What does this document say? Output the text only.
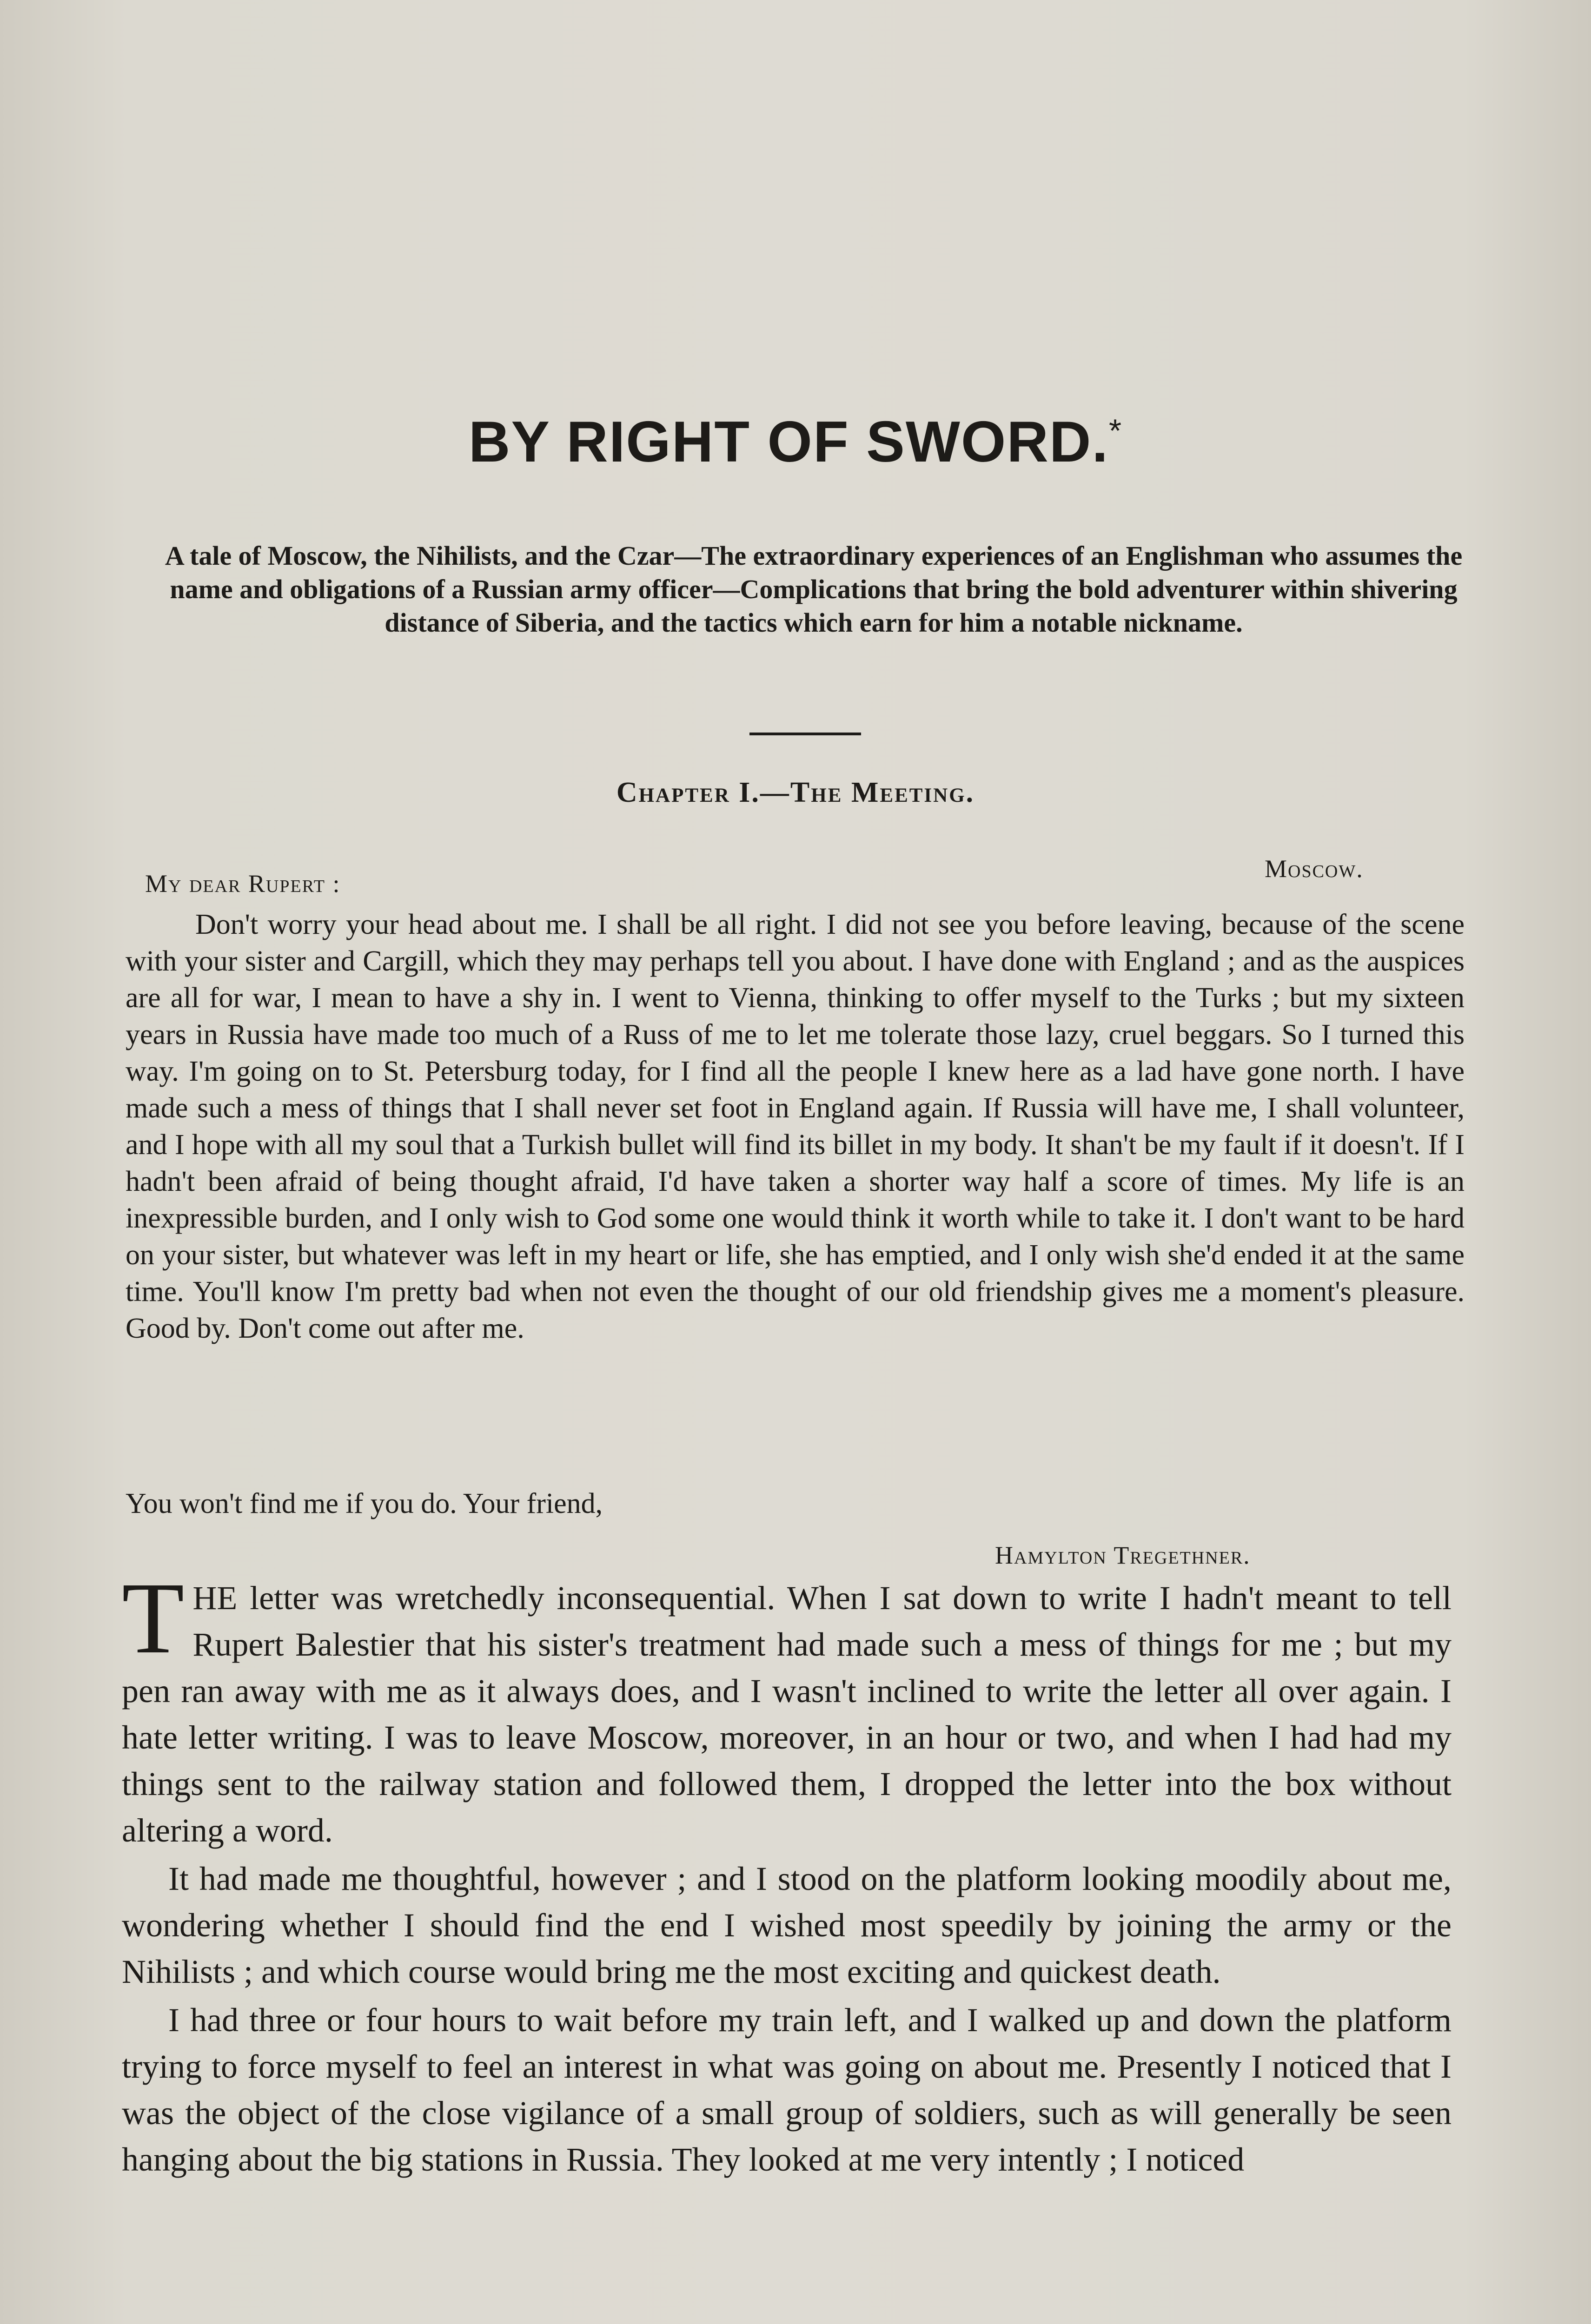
BY RIGHT OF SWORD.*

A tale of Moscow, the Nihilists, and the Czar—The extraordinary experiences of an Englishman who assumes the name and obligations of a Russian army officer—Complications that bring the bold adventurer within shivering distance of Siberia, and the tactics which earn for him a notable nickname.

Chapter I.—The Meeting.
Moscow.
My dear Rupert :

Don't worry your head about me. I shall be all right. I did not see you before leaving, because of the scene with your sister and Cargill, which they may perhaps tell you about. I have done with England ; and as the auspices are all for war, I mean to have a shy in. I went to Vienna, thinking to offer myself to the Turks ; but my sixteen years in Russia have made too much of a Russ of me to let me tolerate those lazy, cruel beggars. So I turned this way. I'm going on to St. Petersburg today, for I find all the people I knew here as a lad have gone north. I have made such a mess of things that I shall never set foot in England again. If Russia will have me, I shall volunteer, and I hope with all my soul that a Turkish bullet will find its billet in my body. It shan't be my fault if it doesn't. If I hadn't been afraid of being thought afraid, I'd have taken a shorter way half a score of times. My life is an inexpressible burden, and I only wish to God some one would think it worth while to take it. I don't want to be hard on your sister, but whatever was left in my heart or life, she has emptied, and I only wish she'd ended it at the same time. You'll know I'm pretty bad when not even the thought of our old friendship gives me a moment's pleasure. Good by. Don't come out after me.

You won't find me if you do. Your friend,

Hamylton Tregethner.

THE letter was wretchedly inconsequential. When I sat down to write I hadn't meant to tell Rupert Balestier that his sister's treatment had made such a mess of things for me ; but my pen ran away with me as it always does, and I wasn't inclined to write the letter all over again. I hate letter writing. I was to leave Moscow, moreover, in an hour or two, and when I had had my things sent to the railway station and followed them, I dropped the letter into the box without altering a word.

It had made me thoughtful, however ; and I stood on the platform looking moodily about me, wondering whether I should find the end I wished most speedily by joining the army or the Nihilists ; and which course would bring me the most exciting and quickest death.

I had three or four hours to wait before my train left, and I walked up and down the platform trying to force myself to feel an interest in what was going on about me. Presently I noticed that I was the object of the close vigilance of a small group of soldiers, such as will generally be seen hanging about the big stations in Russia. They looked at me very intently ; I noticed
